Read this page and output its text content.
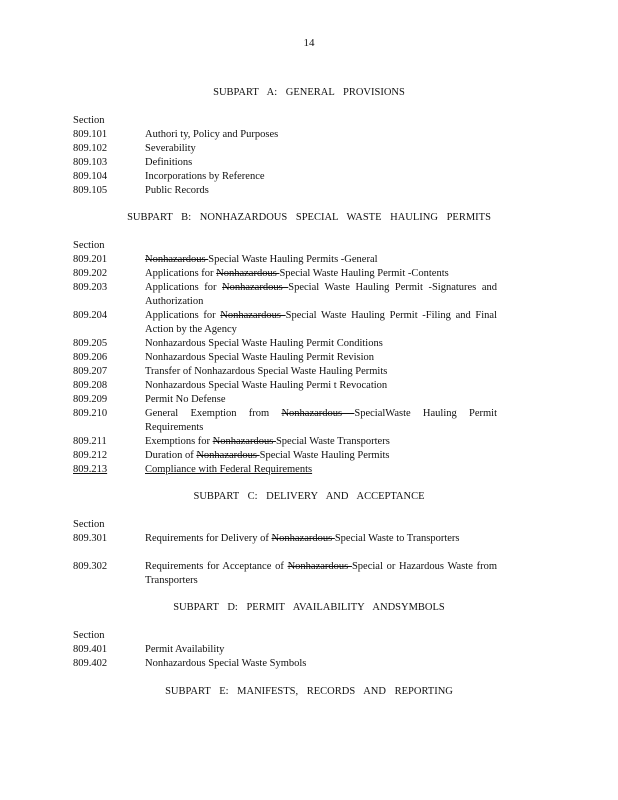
14
SUBPART A: GENERAL PROVISIONS
Section
809.101	Authori ty, Policy and Purposes
809.102	Severability
809.103	Definitions
809.104	Incorporations by Reference
809.105	Public Records
SUBPART B: NONHAZARDOUS SPECIAL WASTE HAULING PERMITS
Section
809.201	Nonhazardous Special Waste Hauling Permits -General
809.202	Applications for Nonhazardous Special Waste Hauling Permit -Contents
809.203	Applications for Nonhazardous Special Waste Hauling Permit -Signatures and Authorization
809.204	Applications for Nonhazardous Special Waste Hauling Permit -Filing and Final Action by the Agency
809.205	Nonhazardous Special Waste Hauling Permit Conditions
809.206	Nonhazardous Special Waste Hauling Permit Revision
809.207	Transfer of Nonhazardous Special Waste Hauling Permits
809.208	Nonhazardous Special Waste Hauling Permi t Revocation
809.209	Permit No Defense
809.210	General Exemption from Nonhazardous SpecialWaste Hauling Permit Requirements
809.211	Exemptions for Nonhazardous Special Waste Transporters
809.212	Duration of Nonhazardous Special Waste Hauling Permits
809.213	Compliance with Federal Requirements
SUBPART C: DELIVERY AND ACCEPTANCE
Section
809.301	Requirements for Delivery of Nonhazardous Special Waste to Transporters
809.302	Requirements for Acceptance of Nonhazardous Special or Hazardous Waste from Transporters
SUBPART D: PERMIT AVAILABILITY ANDSYMBOLS
Section
809.401	Permit Availability
809.402	Nonhazardous Special Waste Symbols
SUBPART E: MANIFESTS, RECORDS AND REPORTING
